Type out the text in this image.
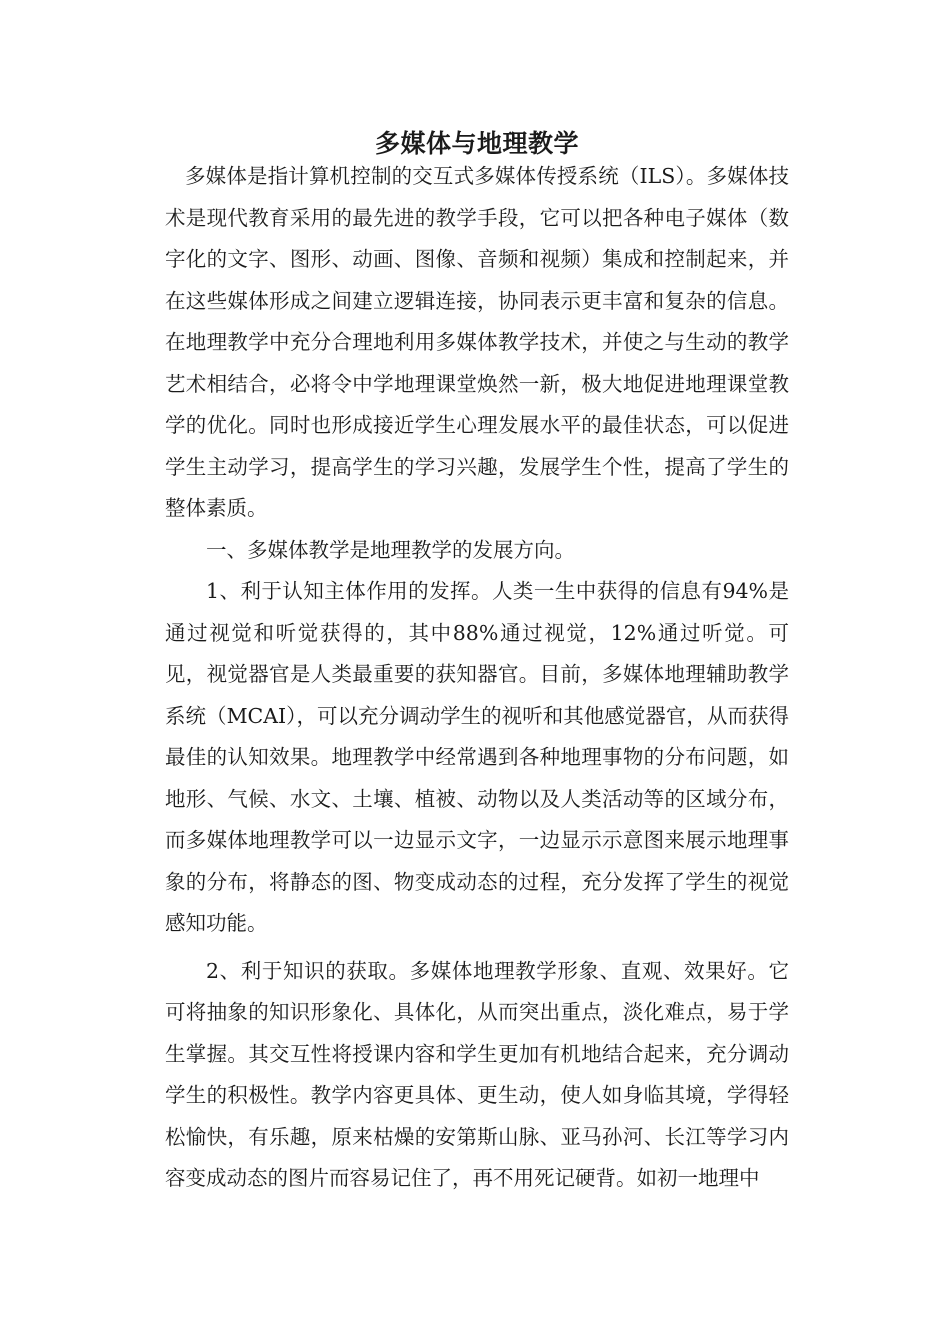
多媒体与地理教学

多媒体是指计算机控制的交互式多媒体传授系统（ILS）。多媒体技术是现代教育采用的最先进的教学手段，它可以把各种电子媒体（数字化的文字、图形、动画、图像、音频和视频）集成和控制起来，并在这些媒体形成之间建立逻辑连接，协同表示更丰富和复杂的信息。在地理教学中充分合理地利用多媒体教学技术，并使之与生动的教学艺术相结合，必将令中学地理课堂焕然一新，极大地促进地理课堂教学的优化。同时也形成接近学生心理发展水平的最佳状态，可以促进学生主动学习，提高学生的学习兴趣，发展学生个性，提高了学生的整体素质。

一、多媒体教学是地理教学的发展方向。

1、利于认知主体作用的发挥。人类一生中获得的信息有94%是通过视觉和听觉获得的，其中88%通过视觉，12%通过听觉。可见，视觉器官是人类最重要的获知器官。目前，多媒体地理辅助教学系统（MCAI），可以充分调动学生的视听和其他感觉器官，从而获得最佳的认知效果。地理教学中经常遇到各种地理事物的分布问题，如地形、气候、水文、土壤、植被、动物以及人类活动等的区域分布，而多媒体地理教学可以一边显示文字，一边显示示意图来展示地理事象的分布，将静态的图、物变成动态的过程，充分发挥了学生的视觉感知功能。

2、利于知识的获取。多媒体地理教学形象、直观、效果好。它可将抽象的知识形象化、具体化，从而突出重点，淡化难点，易于学生掌握。其交互性将授课内容和学生更加有机地结合起来，充分调动学生的积极性。教学内容更具体、更生动，使人如身临其境，学得轻松愉快，有乐趣，原来枯燥的安第斯山脉、亚马孙河、长江等学习内容变成动态的图片而容易记住了，再不用死记硬背。如初一地理中
